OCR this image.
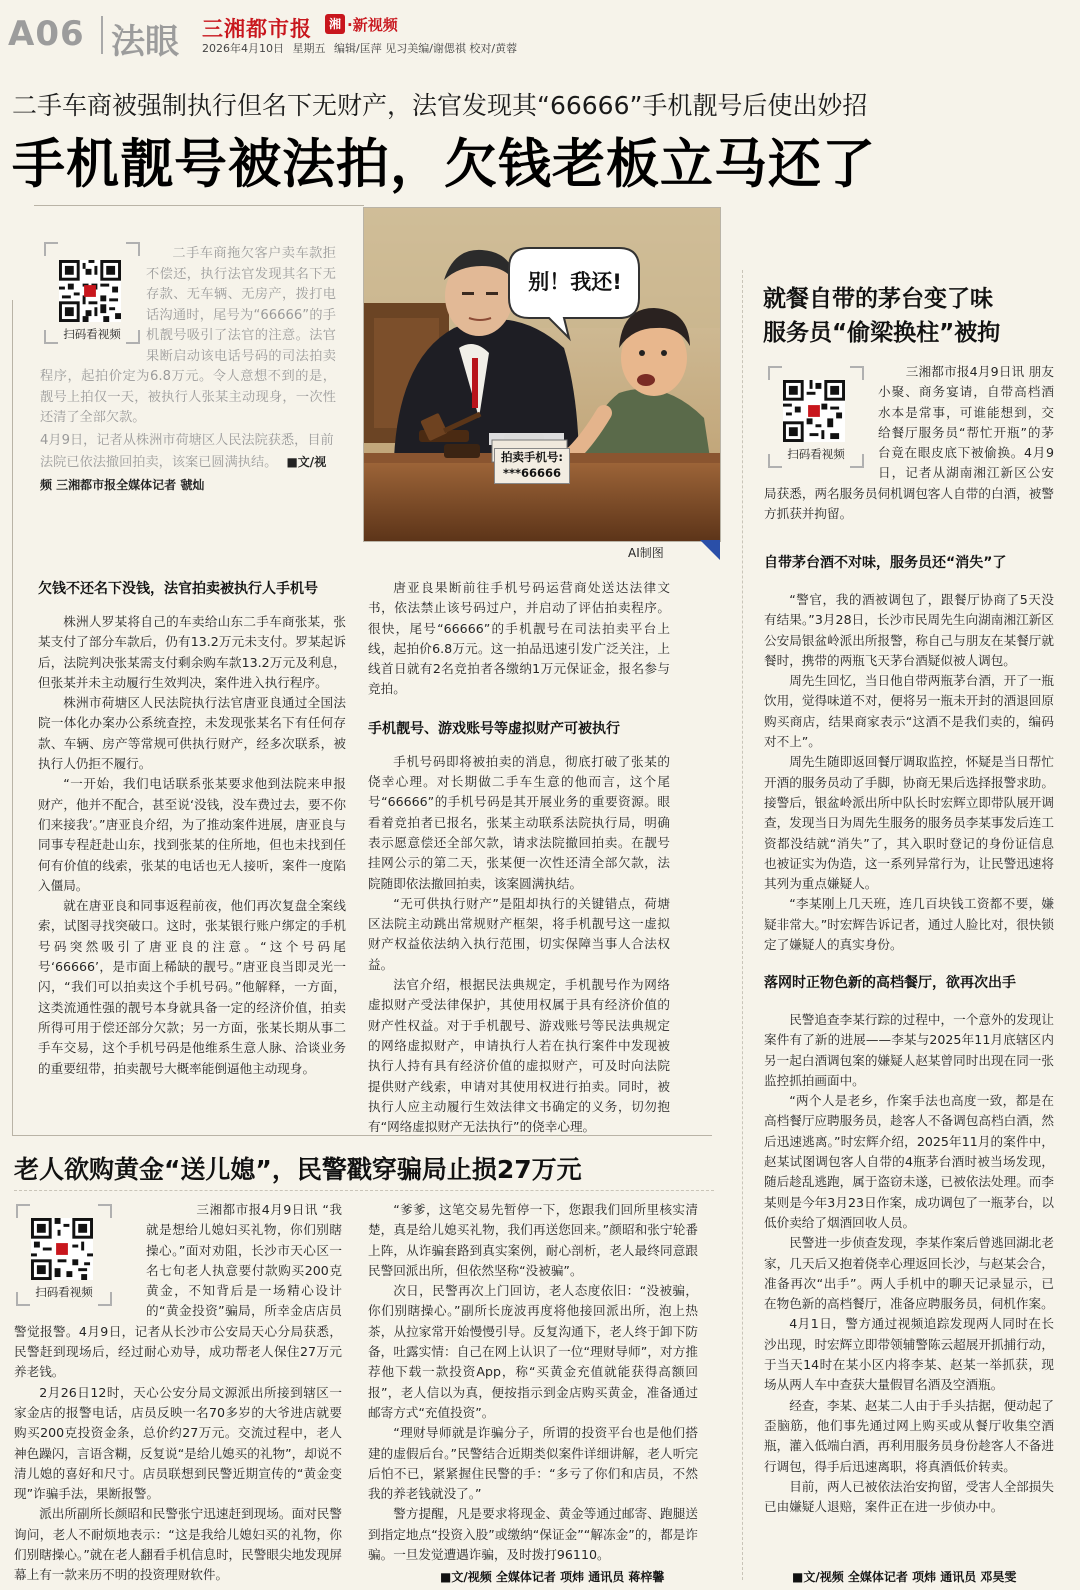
A06 法眼 三湘都市报	湘 ·新视频
2026年4月10日 星期五 编辑/匡萍 见习美编/谢偲祺 校对/黄蓉
二手车商被强制执行但名下无财产，法官发现其“66666”手机靓号后使出妙招
手机靓号被法拍，欠钱老板立马还了
扫码看视频

二手车商拖欠客户卖车款拒不偿还，执行法官发现其名下无存款、无车辆、无房产，拨打电话沟通时，尾号为“66666”的手机靓号吸引了法官的注意。法官果断启动该电话号码的司法拍卖程序，起拍价定为6.8万元。令人意想不到的是，靓号上拍仅一天，被执行人张某主动现身，一次性还清了全部欠款。

4月9日，记者从株洲市荷塘区人民法院获悉，目前法院已依法撤回拍卖，该案已圆满执结。 ■文/视频 三湘都市报全媒体记者 虢灿
别！我还!
拍卖手机号:
***66666
AI制图
欠钱不还名下没钱，法官拍卖被执行人手机号

株洲人罗某将自己的车卖给山东二手车商张某，张某支付了部分车款后，仍有13.2万元未支付。罗某起诉后，法院判决张某需支付剩余购车款13.2万元及利息，但张某并未主动履行生效判决，案件进入执行程序。

株洲市荷塘区人民法院执行法官唐亚良通过全国法院一体化办案办公系统查控，未发现张某名下有任何存款、车辆、房产等常规可供执行财产，经多次联系，被执行人仍拒不履行。

“一开始，我们电话联系张某要求他到法院来申报财产，他并不配合，甚至说‘没钱，没车费过去，要不你们来接我’。”唐亚良介绍，为了推动案件进展，唐亚良与同事专程赶赴山东，找到张某的住所地，但也未找到任何有价值的线索，张某的电话也无人接听，案件一度陷入僵局。

就在唐亚良和同事返程前夜，他们再次复盘全案线索，试图寻找突破口。这时，张某银行账户绑定的手机号码突然吸引了唐亚良的注意。“这个号码尾号‘66666’，是市面上稀缺的靓号。”唐亚良当即灵光一闪，“我们可以拍卖这个手机号码。”他解释，一方面，这类流通性强的靓号本身就具备一定的经济价值，拍卖所得可用于偿还部分欠款；另一方面，张某长期从事二手车交易，这个手机号码是他维系生意人脉、洽谈业务的重要纽带，拍卖靓号大概率能倒逼他主动现身。

唐亚良果断前往手机号码运营商处送达法律文书，依法禁止该号码过户，并启动了评估拍卖程序。很快，尾号“66666”的手机靓号在司法拍卖平台上线，起拍价6.8万元。这一拍品迅速引发广泛关注，上线首日就有2名竞拍者各缴纳1万元保证金，报名参与竞拍。

手机靓号、游戏账号等虚拟财产可被执行

手机号码即将被拍卖的消息，彻底打破了张某的侥幸心理。对长期做二手车生意的他而言，这个尾号“66666”的手机号码是其开展业务的重要资源。眼看着竞拍者已报名，张某主动联系法院执行局，明确表示愿意偿还全部欠款，请求法院撤回拍卖。在靓号挂网公示的第二天，张某便一次性还清全部欠款，法院随即依法撤回拍卖，该案圆满执结。

“无可供执行财产”是阻却执行的关键错点，荷塘区法院主动跳出常规财产框架，将手机靓号这一虚拟财产权益依法纳入执行范围，切实保障当事人合法权益。

法官介绍，根据民法典规定，手机靓号作为网络虚拟财产受法律保护，其使用权属于具有经济价值的财产性权益。对于手机靓号、游戏账号等民法典规定的网络虚拟财产，申请执行人若在执行案件中发现被执行人持有具有经济价值的虚拟财产，可及时向法院提供财产线索，申请对其使用权进行拍卖。同时，被执行人应主动履行生效法律文书确定的义务，切勿抱有“网络虚拟财产无法执行”的侥幸心理。

就餐自带的茅台变了味
服务员“偷梁换柱”被拘
扫码看视频

三湘都市报4月9日讯 朋友小聚、商务宴请，自带高档酒水本是常事，可谁能想到，交给餐厅服务员“帮忙开瓶”的茅台竟在眼皮底下被偷换。4月9日，记者从湖南湘江新区公安局获悉，两名服务员伺机调包客人自带的白酒，被警方抓获并拘留。

自带茅台酒不对味，服务员还“消失”了

“警官，我的酒被调包了，跟餐厅协商了5天没有结果。”3月28日，长沙市民周先生向湖南湘江新区公安局银盆岭派出所报警，称自己与朋友在某餐厅就餐时，携带的两瓶飞天茅台酒疑似被人调包。

周先生回忆，当日他自带两瓶茅台酒，开了一瓶饮用，觉得味道不对，便将另一瓶未开封的酒退回原购买商店，结果商家表示“这酒不是我们卖的，编码对不上”。

周先生随即返回餐厅调取监控，怀疑是当日帮忙开酒的服务员动了手脚，协商无果后选择报警求助。接警后，银盆岭派出所中队长时宏辉立即带队展开调查，发现当日为周先生服务的服务员李某事发后连工资都没结就“消失”了，其入职时登记的身份证信息也被证实为伪造，这一系列异常行为，让民警迅速将其列为重点嫌疑人。

“李某刚上几天班，连几百块钱工资都不要，嫌疑非常大。”时宏辉告诉记者，通过人脸比对，很快锁定了嫌疑人的真实身份。

落网时正物色新的高档餐厅，欲再次出手

民警追查李某行踪的过程中，一个意外的发现让案件有了新的进展——李某与2025年11月底辖区内另一起白酒调包案的嫌疑人赵某曾同时出现在同一张监控抓拍画面中。

“两个人是老乡，作案手法也高度一致，都是在高档餐厅应聘服务员，趁客人不备调包高档白酒，然后迅速逃离。”时宏辉介绍，2025年11月的案件中，赵某试图调包客人自带的4瓶茅台酒时被当场发现，随后趁乱逃跑，属于盗窃未遂，已被依法处理。而李某则是今年3月23日作案，成功调包了一瓶茅台，以低价卖给了烟酒回收人员。

民警进一步侦查发现，李某作案后曾逃回湖北老家，几天后又抱着侥幸心理返回长沙，与赵某会合，准备再次“出手”。两人手机中的聊天记录显示，已在物色新的高档餐厅，准备应聘服务员，伺机作案。

4月1日，警方通过视频追踪发现两人同时在长沙出现，时宏辉立即带领辅警陈云超展开抓捕行动，于当天14时在某小区内将李某、赵某一举抓获，现场从两人车中查获大量假冒名酒及空酒瓶。

经查，李某、赵某二人由于手头拮据，便动起了歪脑筋，他们事先通过网上购买或从餐厅收集空酒瓶，灌入低端白酒，再利用服务员身份趁客人不备进行调包，得手后迅速离职，将真酒低价转卖。

目前，两人已被依法治安拘留，受害人全部损失已由嫌疑人退赔，案件正在进一步侦办中。

■文/视频 全媒体记者 项炜 通讯员 邓昊雯
老人欲购黄金“送儿媳”，民警戳穿骗局止损27万元
扫码看视频

三湘都市报4月9日讯 “我就是想给儿媳妇买礼物，你们别瞎操心。”面对劝阻，长沙市天心区一名七旬老人执意要付款购买200克黄金，不知背后是一场精心设计的“黄金投资”骗局，所幸金店店员警觉报警。4月9日，记者从长沙市公安局天心分局获悉，民警赶到现场后，经过耐心劝导，成功帮老人保住27万元养老钱。

2月26日12时，天心公安分局文源派出所接到辖区一家金店的报警电话，店员反映一名70多岁的大爷进店就要购买200克投资金条，总价约27万元。交流过程中，老人神色躁闪，言语含糊，反复说“是给儿媳买的礼物”，却说不清儿媳的喜好和尺寸。店员联想到民警近期宣传的“黄金变现”诈骗手法，果断报警。

派出所副所长颜昭和民警张宁迅速赶到现场。面对民警询问，老人不耐烦地表示：“这是我给儿媳妇买的礼物，你们别瞎操心。”就在老人翻看手机信息时，民警眼尖地发现屏幕上有一款来历不明的投资理财软件。

“爹爹，这笔交易先暂停一下，您跟我们回所里核实清楚，真是给儿媳买礼物，我们再送您回来。”颜昭和张宁轮番上阵，从诈骗套路到真实案例，耐心剖析，老人最终同意跟民警回派出所，但依然坚称“没被骗”。

次日，民警再次上门回访，老人态度依旧：“没被骗，你们别瞎操心。”副所长庞波再度将他接回派出所，泡上热茶，从拉家常开始慢慢引导。反复沟通下，老人终于卸下防备，吐露实情：自己在网上认识了一位“理财导师”，对方推荐他下载一款投资App，称“买黄金充值就能获得高额回报”，老人信以为真，便按指示到金店购买黄金，准备通过邮寄方式“充值投资”。

“理财导师就是诈骗分子，所谓的投资平台也是他们搭建的虚假后台。”民警结合近期类似案件详细讲解，老人听完后怕不已，紧紧握住民警的手：“多亏了你们和店员，不然我的养老钱就没了。”

警方提醒，凡是要求将现金、黄金等通过邮寄、跑腿送到指定地点“投资入股”或缴纳“保证金”“解冻金”的，都是诈骗。一旦发觉遭遇诈骗，及时拨打96110。

■文/视频 全媒体记者 项炜 通讯员 蒋梓馨
